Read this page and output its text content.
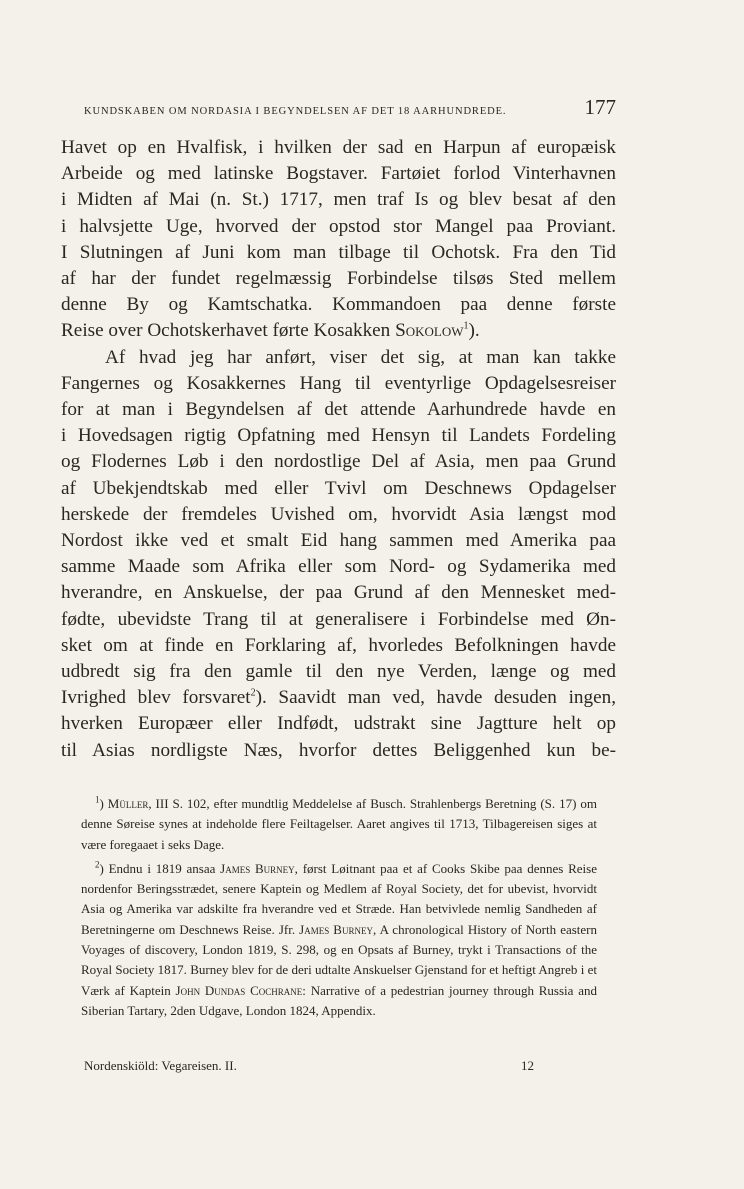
KUNDSKABEN OM NORDASIA I BEGYNDELSEN AF DET 18 AARHUNDREDE.	177

Havet op en Hvalfisk, i hvilken der sad en Harpun af europæisk

Arbeide og med latinske Bogstaver. Fartøiet forlod Vinterhavnen

i Midten af Mai (n. St.) 1717, men traf Is og blev besat af den

i halvsjette Uge, hvorved der opstod stor Mangel paa Proviant.

I Slutningen af Juni kom man tilbage til Ochotsk. Fra den Tid

af har der fundet regelmæssig Forbindelse tilsøs Sted mellem

denne By og Kamtschatka. Kommandoen paa denne første

Reise over Ochotskerhavet førte Kosakken Sokolow$^1$).

Af hvad jeg har anført, viser det sig, at man kan takke

Fangernes og Kosakkernes Hang til eventyrlige Opdagelsesreiser

for at man i Begyndelsen af det attende Aarhundrede havde en

i Hovedsagen rigtig Opfatning med Hensyn til Landets Fordeling

og Flodernes Løb i den nordostlige Del af Asia, men paa Grund

af Ubekjendtskab med eller Tvivl om Deschnews Opdagelser

herskede der fremdeles Uvished om, hvorvidt Asia længst mod

Nordost ikke ved et smalt Eid hang sammen med Amerika paa

samme Maade som Afrika eller som Nord- og Sydamerika med

hverandre, en Anskuelse, der paa Grund af den Mennesket med-

fødte, ubevidste Trang til at generalisere i Forbindelse med Øn-

sket om at finde en Forklaring af, hvorledes Befolkningen havde

udbredt sig fra den gamle til den nye Verden, længe og med

Ivrighed blev forsvaret$^2$). Saavidt man ved, havde desuden ingen,

hverken Europæer eller Indfødt, udstrakt sine Jagtture helt op

til Asias nordligste Næs, hvorfor dettes Beliggenhed kun be-

$^1$) Müller, III S. 102, efter mundtlig Meddelelse af Busch. Strahlenbergs Beretning (S. 17) om denne Søreise synes at indeholde flere Feiltagelser. Aaret angives til 1713, Tilbagereisen siges at være foregaaet i seks Dage.

$^2$) Endnu i 1819 ansaa James Burney, først Løitnant paa et af Cooks Skibe paa dennes Reise nordenfor Beringsstrædet, senere Kaptein og Medlem af Royal Society, det for ubevist, hvorvidt Asia og Amerika var adskilte fra hverandre ved et Stræde. Han betvivlede nemlig Sandheden af Beretningerne om Deschnews Reise. Jfr. James Burney, A chronological History of North eastern Voyages of discovery, London 1819, S. 298, og en Opsats af Burney, trykt i Transactions of the Royal Society 1817. Burney blev for de deri udtalte Anskuelser Gjenstand for et heftigt Angreb i et Værk af Kaptein John Dundas Cochrane: Narrative of a pedestrian journey through Russia and Siberian Tartary, 2den Udgave, London 1824, Appendix.

Nordenskiöld: Vegareisen. II.	12
